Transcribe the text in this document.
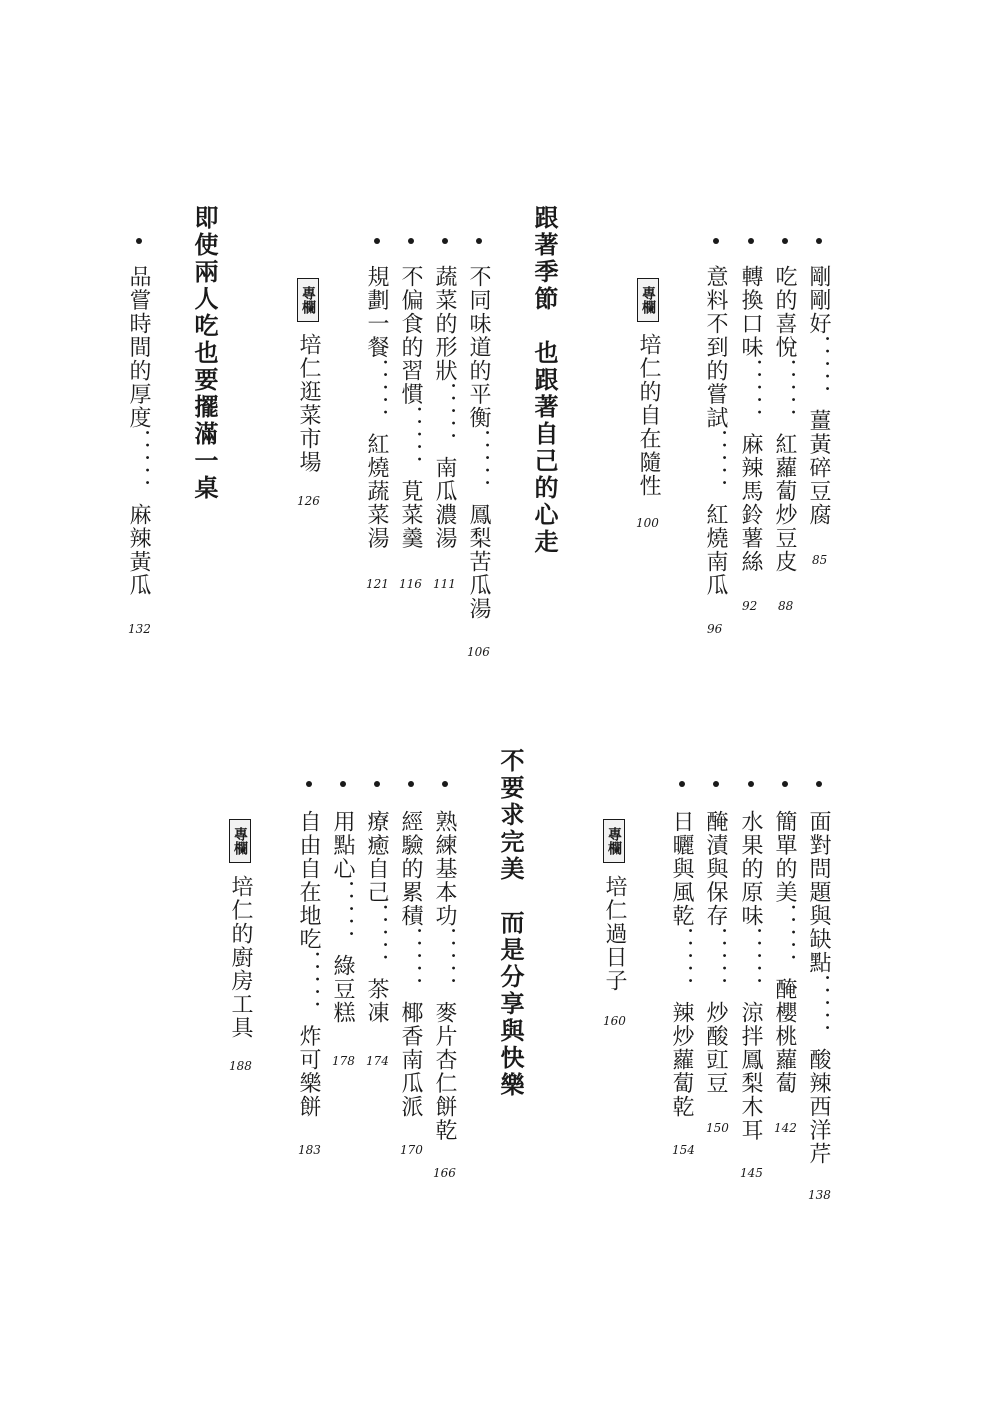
剛剛好．．．．．薑黃碎豆腐
85
吃的喜悅．．．．．紅蘿蔔炒豆皮
88
轉換口味．．．．．麻辣馬鈴薯絲
92
意料不到的嘗試．．．．．紅燒南瓜
96
專欄
培仁的自在隨性
100
跟著季節　也跟著自己的心走
不同味道的平衡．．．．．鳳梨苦瓜湯
106
蔬菜的形狀．．．．．南瓜濃湯
111
不偏食的習慣．．．．．莧菜羹
116
規劃一餐．．．．．紅燒蔬菜湯
121
專欄
培仁逛菜市場
126
即使兩人吃也要擺滿一桌
品嘗時間的厚度．．．．．麻辣黃瓜
132
面對問題與缺點．．．．．酸辣西洋芹
138
簡單的美．．．．．醃櫻桃蘿蔔
142
水果的原味．．．．．涼拌鳳梨木耳
145
醃漬與保存．．．．．炒酸豇豆
150
日曬與風乾．．．．．辣炒蘿蔔乾
154
專欄
培仁過日子
160
不要求完美　而是分享與快樂
熟練基本功．．．．．麥片杏仁餅乾
166
經驗的累積．．．．．椰香南瓜派
170
療癒自己．．．．．茶凍
174
用點心．．．．．綠豆糕
178
自由自在地吃．．．．．炸可樂餅
183
專欄
培仁的廚房工具
188
